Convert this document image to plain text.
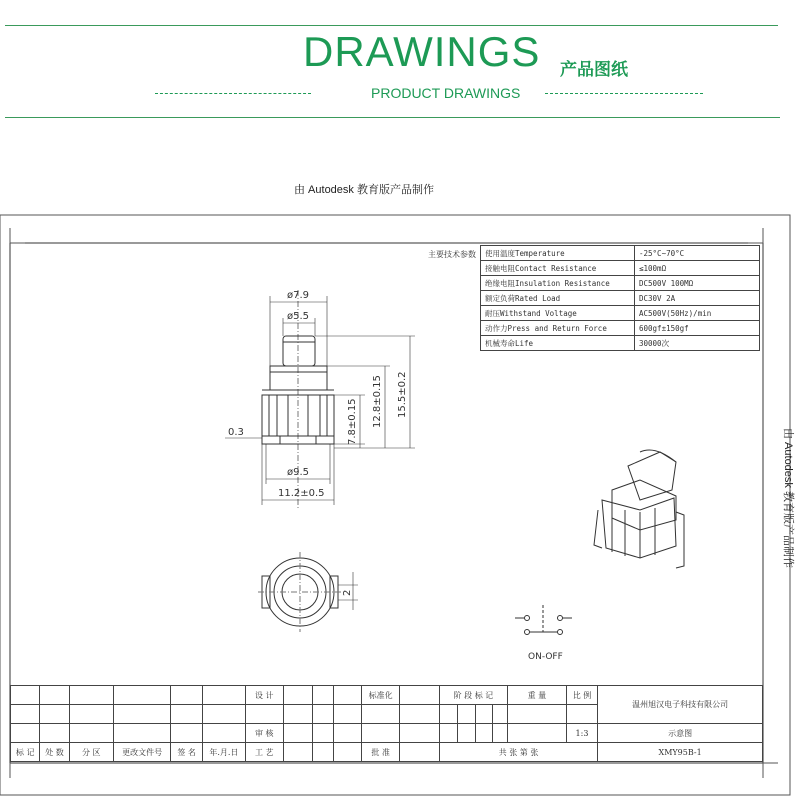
DRAWINGS 产品图纸
PRODUCT DRAWINGS
由 Autodesk 教育版产品制作
ø7.9
ø5.5
0.3
ø9.5
11.2±0.5
7.8±0.15 12.8±0.15 15.5±0.2
2
ON-OFF
主要技术参数 使用温度Temperature	-25°C~70°C
接触电阻Contact Resistance	≤100mΩ
绝缘电阻Insulation Resistance	DC500V 100MΩ
额定负荷Rated Load	DC30V 2A
耐压Withstand Voltage	AC500V(50Hz)/min
动作力Press and Return Force	600gf±150gf
机械寿命Life	30000次
由 Autodesk 教育版产品制作
						设 计				标准化		阶 段 标 记				重 量	比 例	温州旭汉电子科技有限公司

						审 核											1:3	示意图
标 记	处 数	分 区	更改文件号	签 名	年.月.日	工 艺				批 准		共 张 第 张						XMY95B-1
